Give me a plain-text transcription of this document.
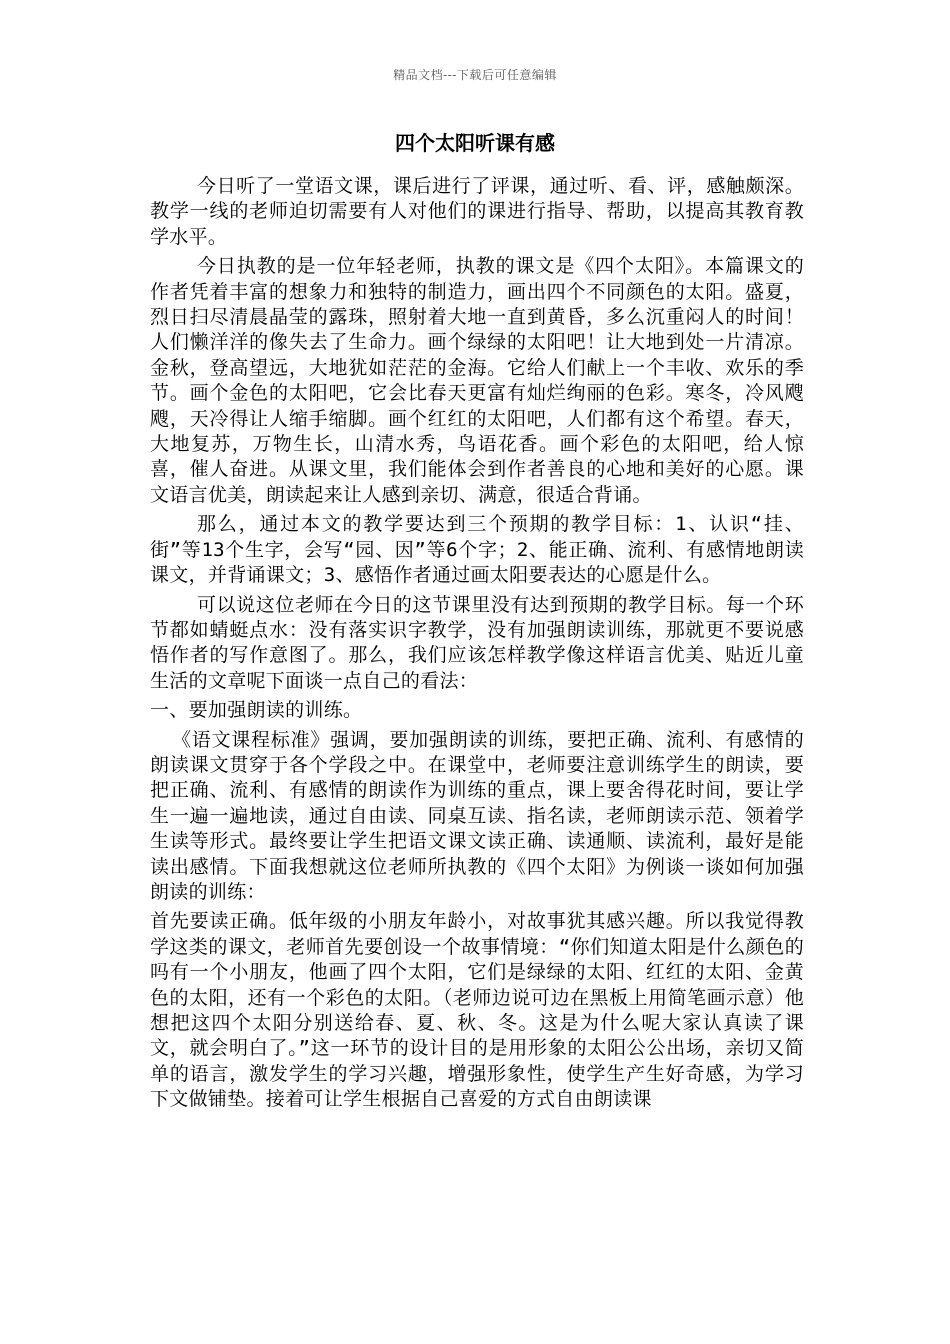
精品文档---下载后可任意编辑
四个太阳听课有感

今日听了一堂语文课，课后进行了评课，通过听、看、评，感触颇深。教学一线的老师迫切需要有人对他们的课进行指导、帮助，以提高其教育教学水平。

今日执教的是一位年轻老师，执教的课文是《四个太阳》。本篇课文的作者凭着丰富的想象力和独特的制造力，画出四个不同颜色的太阳。盛夏，烈日扫尽清晨晶莹的露珠，照射着大地一直到黄昏，多么沉重闷人的时间！人们懒洋洋的像失去了生命力。画个绿绿的太阳吧！让大地到处一片清凉。金秋，登高望远，大地犹如茫茫的金海。它给人们献上一个丰收、欢乐的季节。画个金色的太阳吧，它会比春天更富有灿烂绚丽的色彩。寒冬，冷风飕飕，天冷得让人缩手缩脚。画个红红的太阳吧，人们都有这个希望。春天，大地复苏，万物生长，山清水秀，鸟语花香。画个彩色的太阳吧，给人惊喜，催人奋进。从课文里，我们能体会到作者善良的心地和美好的心愿。课文语言优美，朗读起来让人感到亲切、满意，很适合背诵。

那么，通过本文的教学要达到三个预期的教学目标：1、认识“挂、街”等13个生字，会写“园、因”等6个字；2、能正确、流利、有感情地朗读课文，并背诵课文；3、感悟作者通过画太阳要表达的心愿是什么。

可以说这位老师在今日的这节课里没有达到预期的教学目标。每一个环节都如蜻蜓点水：没有落实识字教学，没有加强朗读训练，那就更不要说感悟作者的写作意图了。那么，我们应该怎样教学像这样语言优美、贴近儿童生活的文章呢下面谈一点自己的看法：

一、要加强朗读的训练。

《语文课程标准》强调，要加强朗读的训练，要把正确、流利、有感情的朗读课文贯穿于各个学段之中。在课堂中，老师要注意训练学生的朗读，要把正确、流利、有感情的朗读作为训练的重点，课上要舍得花时间，要让学生一遍一遍地读，通过自由读、同桌互读、指名读，老师朗读示范、领着学生读等形式。最终要让学生把语文课文读正确、读通顺、读流利，最好是能读出感情。下面我想就这位老师所执教的《四个太阳》为例谈一谈如何加强朗读的训练：

首先要读正确。低年级的小朋友年龄小，对故事犹其感兴趣。所以我觉得教学这类的课文，老师首先要创设一个故事情境：“你们知道太阳是什么颜色的吗有一个小朋友，他画了四个太阳，它们是绿绿的太阳、红红的太阳、金黄色的太阳，还有一个彩色的太阳。（老师边说可边在黑板上用简笔画示意）他想把这四个太阳分别送给春、夏、秋、冬。这是为什么呢大家认真读了课文，就会明白了。”这一环节的设计目的是用形象的太阳公公出场，亲切又简单的语言，激发学生的学习兴趣，增强形象性，使学生产生好奇感，为学习下文做铺垫。接着可让学生根据自己喜爱的方式自由朗读课
